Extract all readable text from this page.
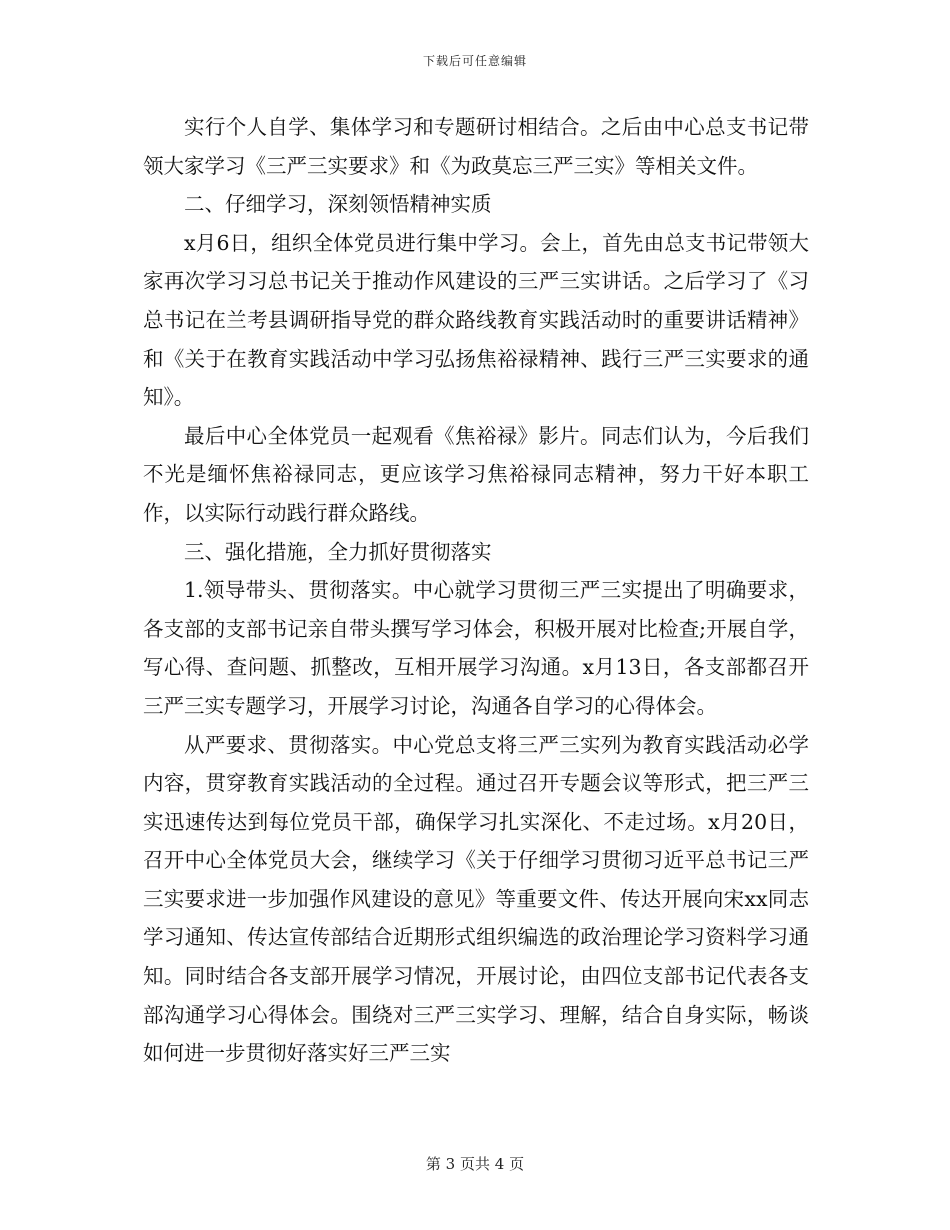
下载后可任意编辑

实行个人自学、集体学习和专题研讨相结合。之后由中心总支书记带领大家学习《三严三实要求》和《为政莫忘三严三实》等相关文件。

二、仔细学习，深刻领悟精神实质

x月6日，组织全体党员进行集中学习。会上，首先由总支书记带领大家再次学习习总书记关于推动作风建设的三严三实讲话。之后学习了《习总书记在兰考县调研指导党的群众路线教育实践活动时的重要讲话精神》和《关于在教育实践活动中学习弘扬焦裕禄精神、践行三严三实要求的通知》。

最后中心全体党员一起观看《焦裕禄》影片。同志们认为，今后我们不光是缅怀焦裕禄同志，更应该学习焦裕禄同志精神，努力干好本职工作，以实际行动践行群众路线。

三、强化措施，全力抓好贯彻落实

1.领导带头、贯彻落实。中心就学习贯彻三严三实提出了明确要求，各支部的支部书记亲自带头撰写学习体会，积极开展对比检查;开展自学，写心得、查问题、抓整改，互相开展学习沟通。x月13日，各支部都召开三严三实专题学习，开展学习讨论，沟通各自学习的心得体会。

从严要求、贯彻落实。中心党总支将三严三实列为教育实践活动必学内容，贯穿教育实践活动的全过程。通过召开专题会议等形式，把三严三实迅速传达到每位党员干部，确保学习扎实深化、不走过场。x月20日，召开中心全体党员大会，继续学习《关于仔细学习贯彻习近平总书记三严三实要求进一步加强作风建设的意见》等重要文件、传达开展向宋xx同志学习通知、传达宣传部结合近期形式组织编选的政治理论学习资料学习通知。同时结合各支部开展学习情况，开展讨论，由四位支部书记代表各支部沟通学习心得体会。围绕对三严三实学习、理解，结合自身实际，畅谈如何进一步贯彻好落实好三严三实

第 3 页共 4 页
